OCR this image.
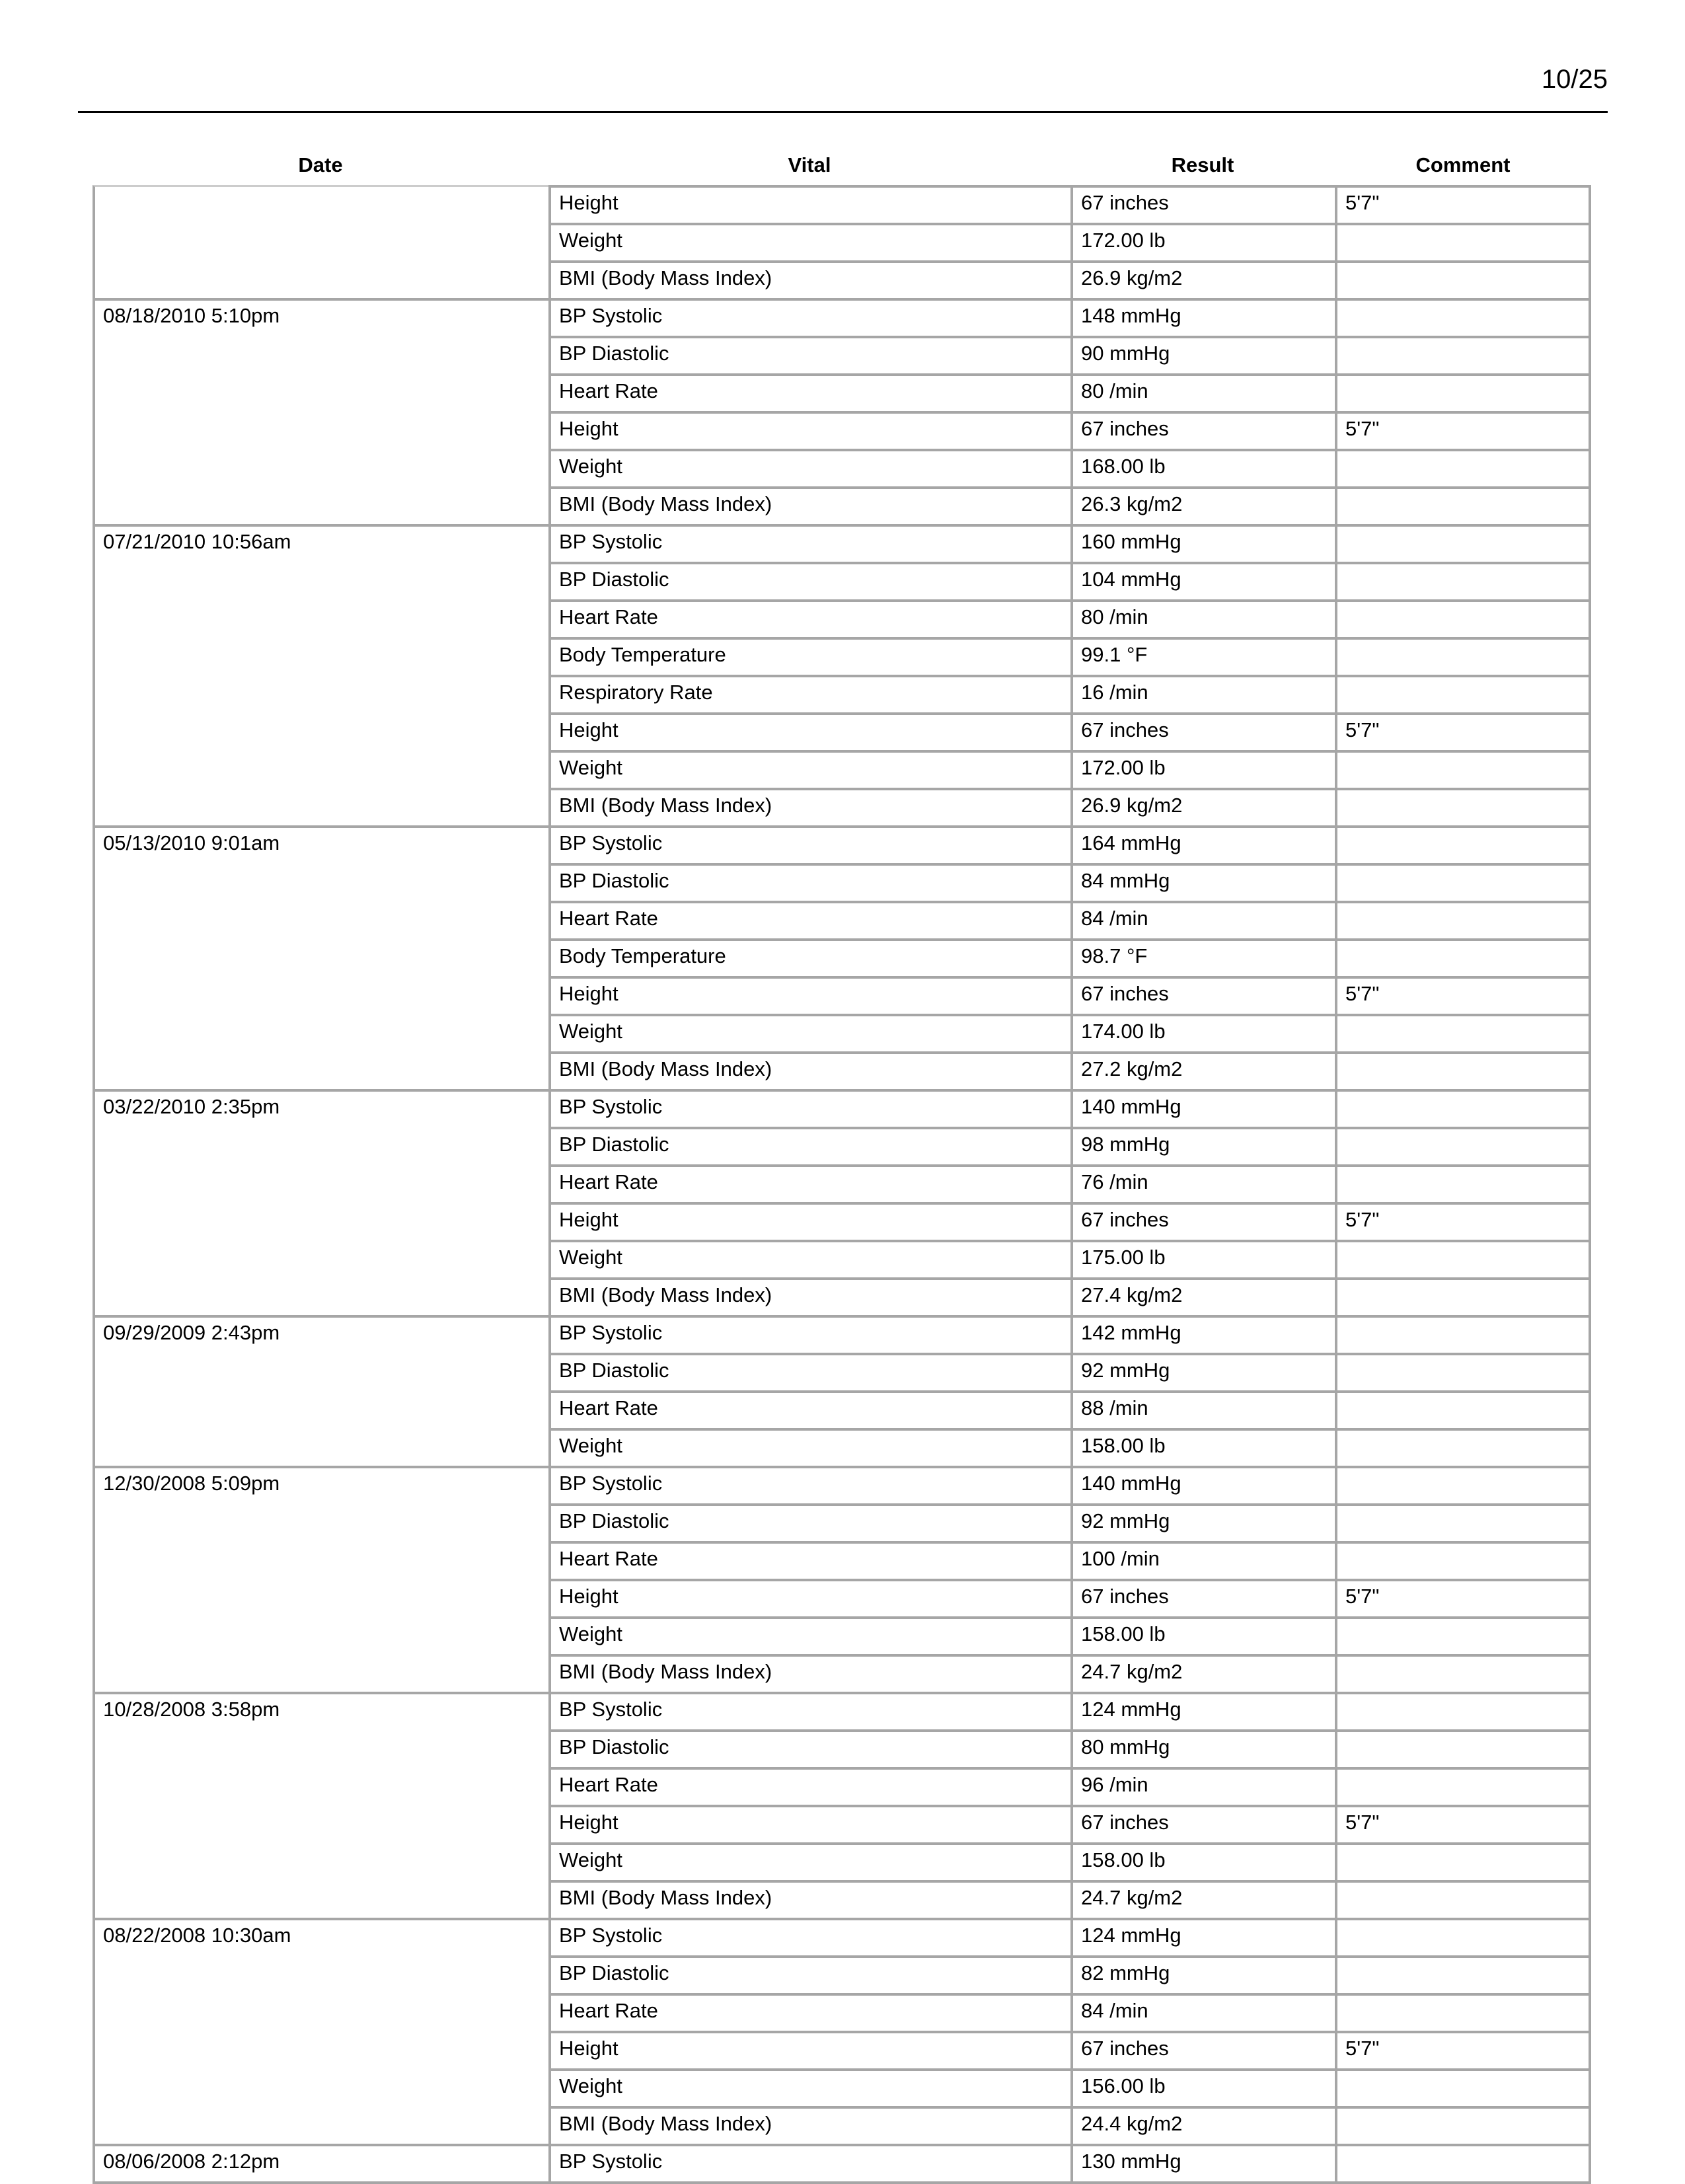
10/25
Date	Vital	Result	Comment
	Height	67 inches	5'7"
	Weight	172.00 lb	
	BMI (Body Mass Index)	26.9 kg/m2	
08/18/2010 5:10pm	BP Systolic	148 mmHg	
	BP Diastolic	90 mmHg	
	Heart Rate	80 /min	
	Height	67 inches	5'7"
	Weight	168.00 lb	
	BMI (Body Mass Index)	26.3 kg/m2	
07/21/2010 10:56am	BP Systolic	160 mmHg	
	BP Diastolic	104 mmHg	
	Heart Rate	80 /min	
	Body Temperature	99.1 °F	
	Respiratory Rate	16 /min	
	Height	67 inches	5'7"
	Weight	172.00 lb	
	BMI (Body Mass Index)	26.9 kg/m2	
05/13/2010 9:01am	BP Systolic	164 mmHg	
	BP Diastolic	84 mmHg	
	Heart Rate	84 /min	
	Body Temperature	98.7 °F	
	Height	67 inches	5'7"
	Weight	174.00 lb	
	BMI (Body Mass Index)	27.2 kg/m2	
03/22/2010 2:35pm	BP Systolic	140 mmHg	
	BP Diastolic	98 mmHg	
	Heart Rate	76 /min	
	Height	67 inches	5'7"
	Weight	175.00 lb	
	BMI (Body Mass Index)	27.4 kg/m2	
09/29/2009 2:43pm	BP Systolic	142 mmHg	
	BP Diastolic	92 mmHg	
	Heart Rate	88 /min	
	Weight	158.00 lb	
12/30/2008 5:09pm	BP Systolic	140 mmHg	
	BP Diastolic	92 mmHg	
	Heart Rate	100 /min	
	Height	67 inches	5'7"
	Weight	158.00 lb	
	BMI (Body Mass Index)	24.7 kg/m2	
10/28/2008 3:58pm	BP Systolic	124 mmHg	
	BP Diastolic	80 mmHg	
	Heart Rate	96 /min	
	Height	67 inches	5'7"
	Weight	158.00 lb	
	BMI (Body Mass Index)	24.7 kg/m2	
08/22/2008 10:30am	BP Systolic	124 mmHg	
	BP Diastolic	82 mmHg	
	Heart Rate	84 /min	
	Height	67 inches	5'7"
	Weight	156.00 lb	
	BMI (Body Mass Index)	24.4 kg/m2	
08/06/2008 2:12pm	BP Systolic	130 mmHg	
